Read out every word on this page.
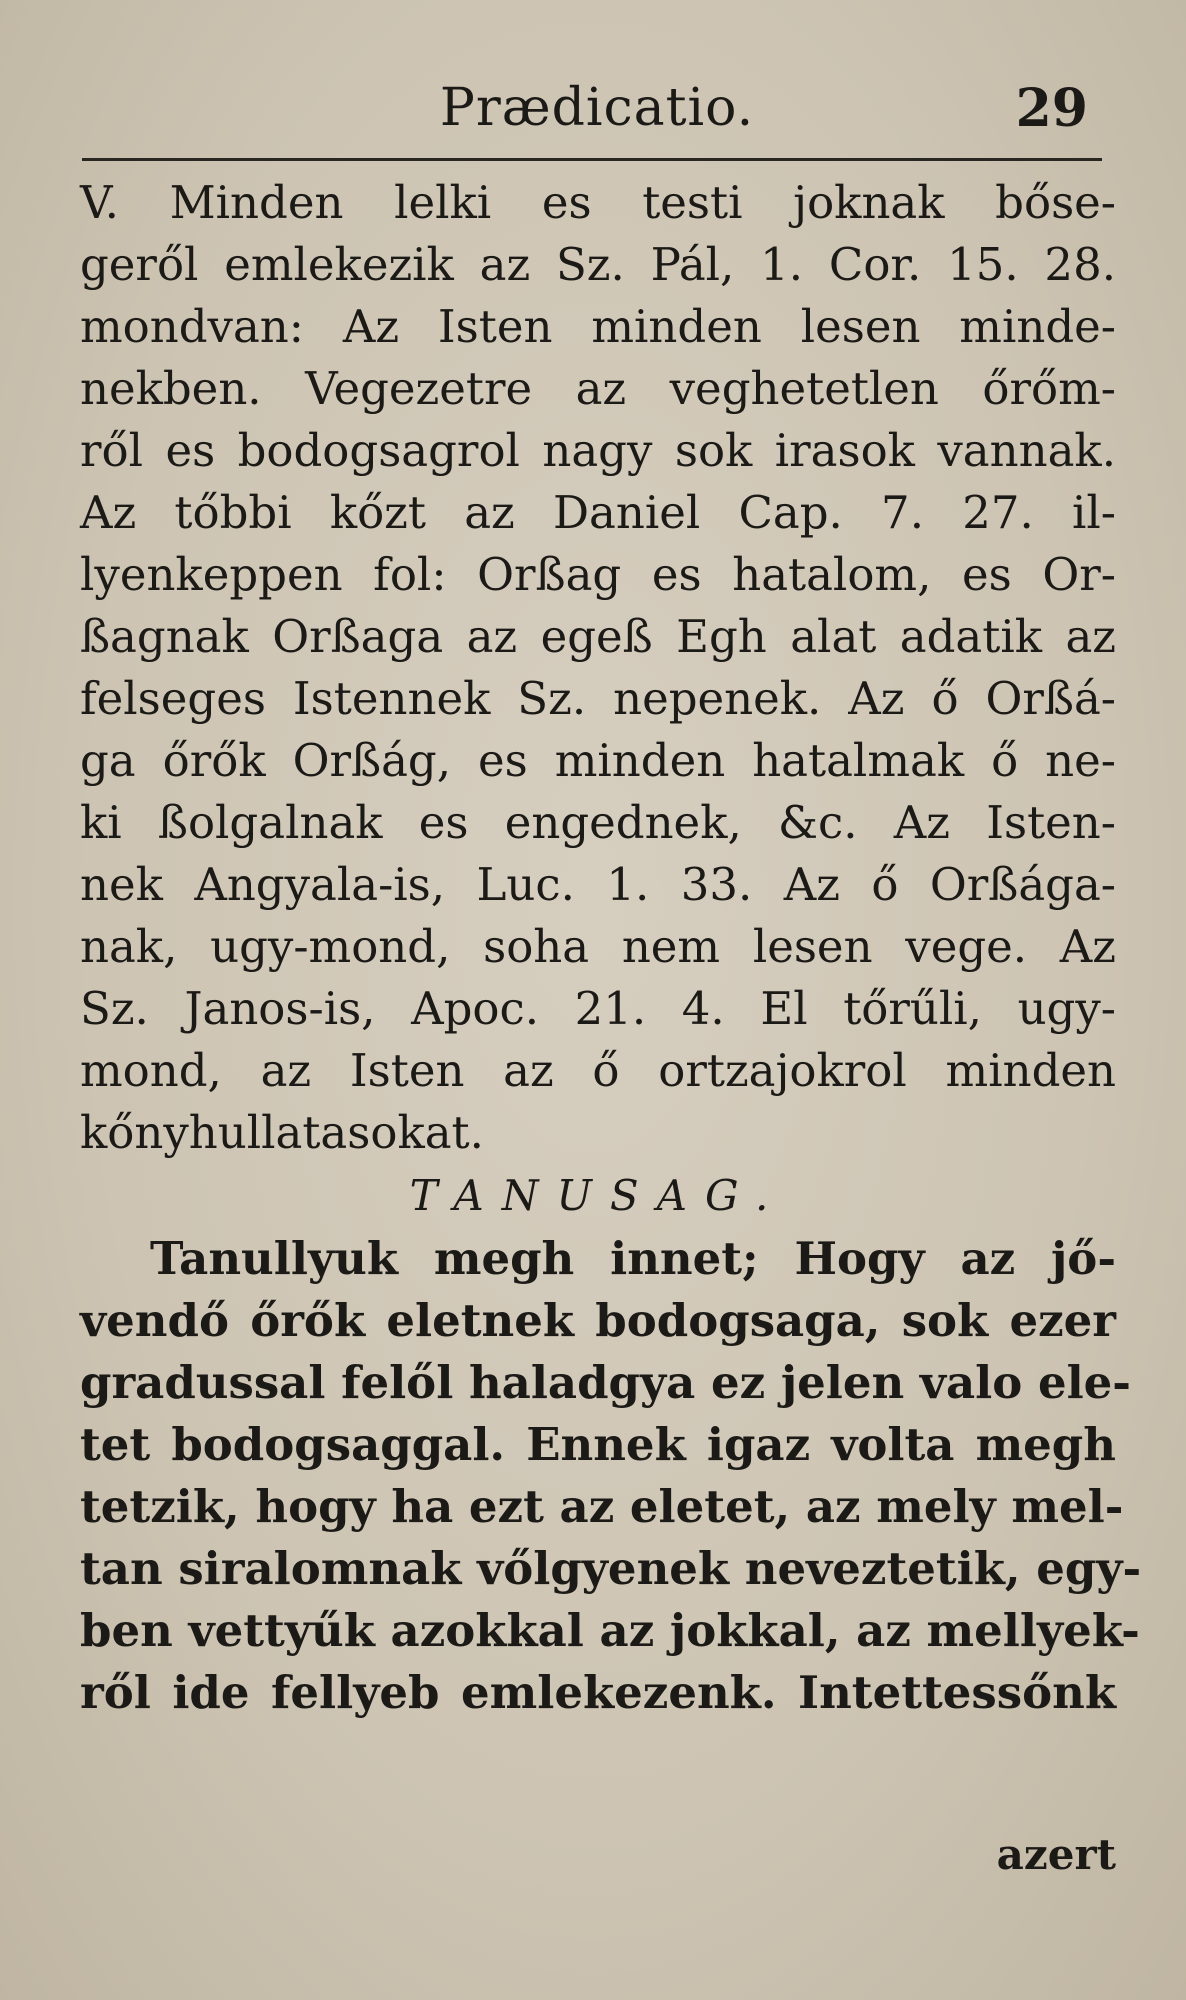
Prædicatio.	29
V. Minden lelki es testi joknak bőse-
geről emlekezik az Sz. Pál, 1. Cor. 15. 28.
mondvan: Az Isten minden lesen minde-
nekben. Vegezetre az veghetetlen őrőm-
ről es bodogsagrol nagy sok irasok vannak.
Az tőbbi kőzt az Daniel Cap. 7. 27. il-
lyenkeppen fol: Orßag es hatalom, es Or-
ßagnak Orßaga az egeß Egh alat adatik az
felseges Istennek Sz. nepenek. Az ő Orßá-
ga őrők Orßág, es minden hatalmak ő ne-
ki ßolgalnak es engednek, &c. Az Isten-
nek Angyala-is, Luc. 1. 33. Az ő Orßága-
nak, ugy-mond, soha nem lesen vege. Az
Sz. Janos-is, Apoc. 21. 4. El tőrűli, ugy-
mond, az Isten az ő ortzajokrol minden
kőnyhullatasokat.
TANUSAG.
Tanullyuk megh innet; Hogy az jő-
vendő őrők eletnek bodogsaga, sok ezer
gradussal felől haladgya ez jelen valo ele-
tet bodogsaggal. Ennek igaz volta megh
tetzik, hogy ha ezt az eletet, az mely mel-
tan siralomnak vőlgyenek neveztetik, egy-
ben vettyűk azokkal az jokkal, az mellyek-
ről ide fellyeb emlekezenk. Intettessőnk
azert
